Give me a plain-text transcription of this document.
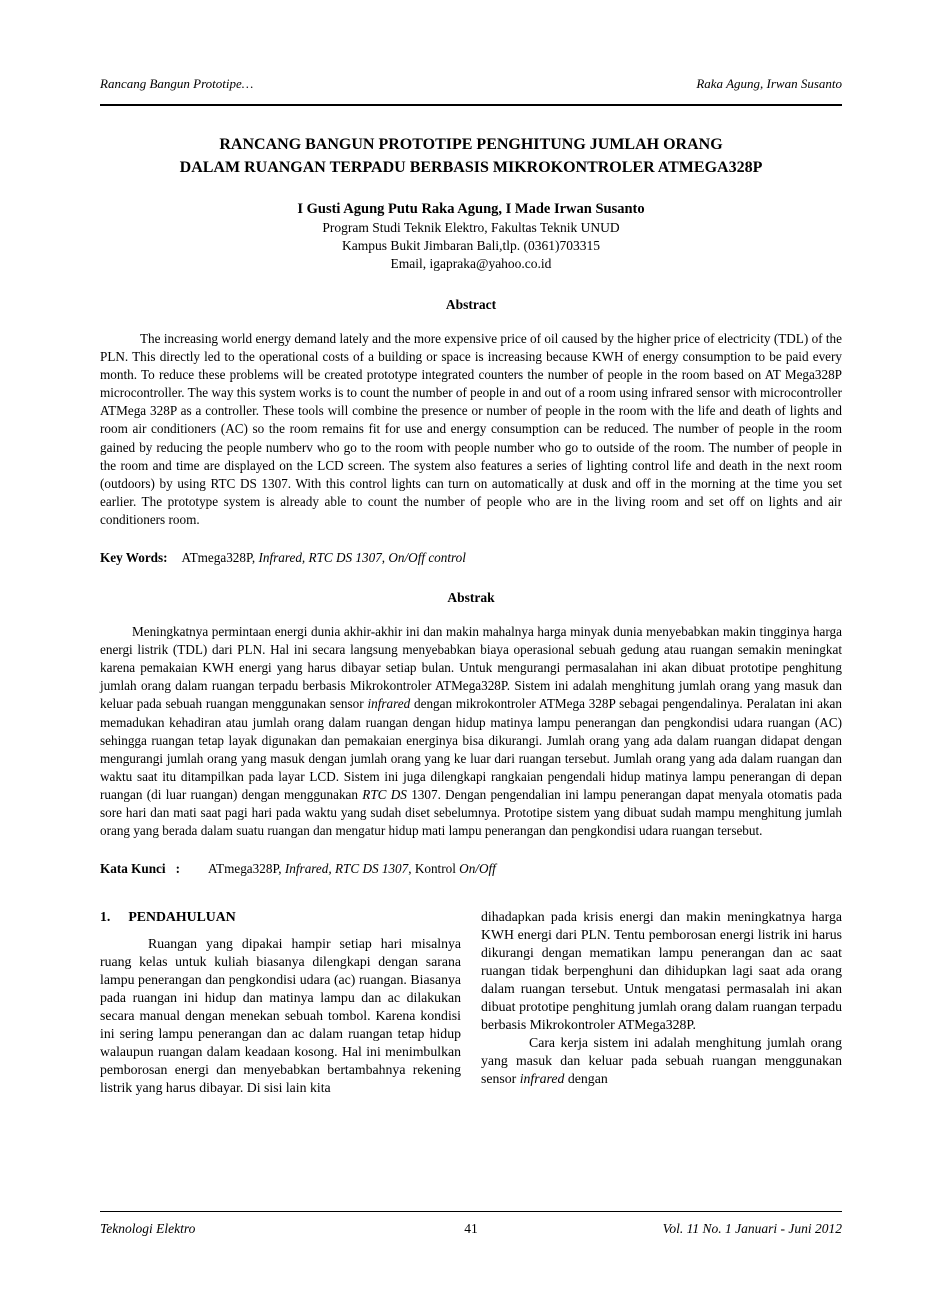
Rancang Bangun Prototipe…	Raka Agung, Irwan Susanto
RANCANG BANGUN PROTOTIPE PENGHITUNG JUMLAH ORANG
DALAM RUANGAN TERPADU BERBASIS MIKROKONTROLER ATMEGA328P
I Gusti Agung Putu Raka Agung, I Made Irwan Susanto
Program Studi Teknik Elektro, Fakultas Teknik UNUD
Kampus Bukit Jimbaran Bali,tlp. (0361)703315
Email, igapraka@yahoo.co.id
Abstract

The increasing world energy demand lately and the more expensive price of oil caused by the higher price of electricity (TDL) of the PLN. This directly led to the operational costs of a building or space is increasing because KWH of energy consumption to be paid every month. To reduce these problems will be created prototype integrated counters the number of people in the room based on AT Mega328P microcontroller. The way this system works is to count the number of people in and out of a room using infrared sensor with microcontroller ATMega 328P as a controller. These tools will combine the presence or number of people in the room with the life and death of lights and room air conditioners (AC) so the room remains fit for use and energy consumption can be reduced. The number of people in the room gained by reducing the people numberv who go to the room with people number who go to outside of the room. The number of people in the room and time are displayed on the LCD screen. The system also features a series of lighting control life and death in the next room (outdoors) by using RTC DS 1307. With this control lights can turn on automatically at dusk and off in the morning at the time you set earlier. The prototype system is already able to count the number of people who are in the living room and set off on lights and air conditioners room.

Key Words: ATmega328P, Infrared, RTC DS 1307, On/Off control
Abstrak

Meningkatnya permintaan energi dunia akhir-akhir ini dan makin mahalnya harga minyak dunia menyebabkan makin tingginya harga energi listrik (TDL) dari PLN. Hal ini secara langsung menyebabkan biaya operasional sebuah gedung atau ruangan semakin meningkat karena pemakaian KWH energi yang harus dibayar setiap bulan. Untuk mengurangi permasalahan ini akan dibuat prototipe penghitung jumlah orang dalam ruangan terpadu berbasis Mikrokontroler ATMega328P. Sistem ini adalah menghitung jumlah orang yang masuk dan keluar pada sebuah ruangan menggunakan sensor infrared dengan mikrokontroler ATMega 328P sebagai pengendalinya. Peralatan ini akan memadukan kehadiran atau jumlah orang dalam ruangan dengan hidup matinya lampu penerangan dan pengkondisi udara ruangan (AC) sehingga ruangan tetap layak digunakan dan pemakaian energinya bisa dikurangi. Jumlah orang yang ada dalam ruangan didapat dengan mengurangi jumlah orang yang masuk dengan jumlah orang yang ke luar dari ruangan tersebut. Jumlah orang yang ada dalam ruangan dan waktu saat itu ditampilkan pada layar LCD. Sistem ini juga dilengkapi rangkaian pengendali hidup matinya lampu penerangan di depan ruangan (di luar ruangan) dengan menggunakan RTC DS 1307. Dengan pengendalian ini lampu penerangan dapat menyala otomatis pada sore hari dan mati saat pagi hari pada waktu yang sudah diset sebelumnya. Prototipe sistem yang dibuat sudah mampu menghitung jumlah orang yang berada dalam suatu ruangan dan mengatur hidup mati lampu penerangan dan pengkondisi udara ruangan tersebut.

Kata Kunci : ATmega328P, Infrared, RTC DS 1307, Kontrol On/Off
1. PENDAHULUAN

Ruangan yang dipakai hampir setiap hari misalnya ruang kelas untuk kuliah biasanya dilengkapi dengan sarana lampu penerangan dan pengkondisi udara (ac) ruangan. Biasanya pada ruangan ini hidup dan matinya lampu dan ac dilakukan secara manual dengan menekan sebuah tombol. Karena kondisi ini sering lampu penerangan dan ac dalam ruangan tetap hidup walaupun ruangan dalam keadaan kosong. Hal ini menimbulkan pemborosan energi dan menyebabkan bertambahnya rekening listrik yang harus dibayar. Di sisi lain kita

dihadapkan pada krisis energi dan makin meningkatnya harga KWH energi dari PLN. Tentu pemborosan energi listrik ini harus dikurangi dengan mematikan lampu penerangan dan ac saat ruangan tidak berpenghuni dan dihidupkan lagi saat ada orang dalam ruangan tersebut. Untuk mengatasi permasalah ini akan dibuat prototipe penghitung jumlah orang dalam ruangan terpadu berbasis Mikrokontroler ATMega328P.

Cara kerja sistem ini adalah menghitung jumlah orang yang masuk dan keluar pada sebuah ruangan menggunakan sensor infrared dengan

Teknologi Elektro	41	Vol. 11 No. 1 Januari - Juni 2012
